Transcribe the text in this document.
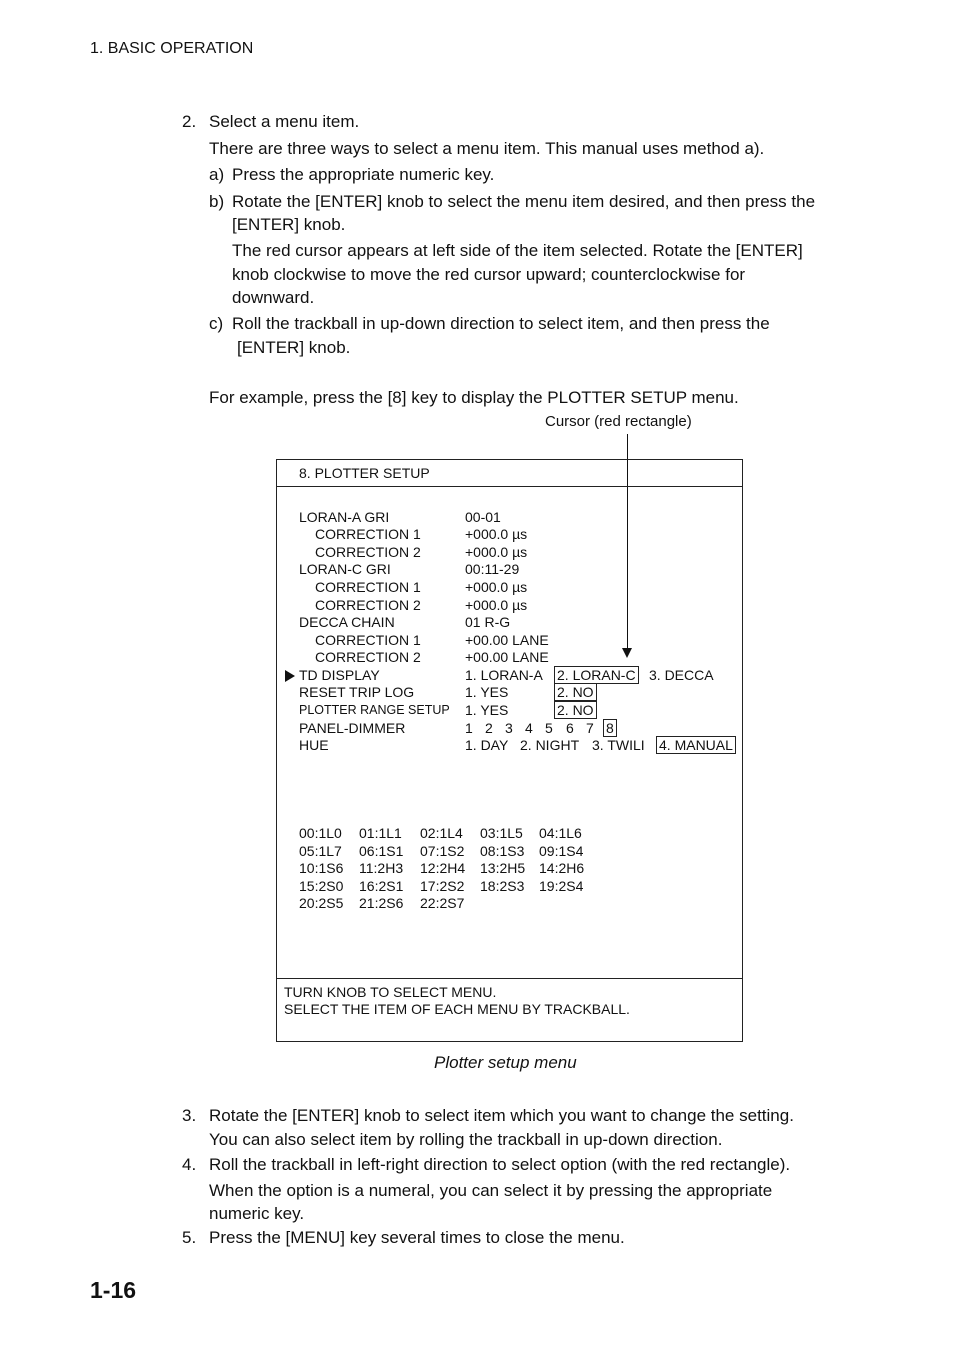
1. BASIC OPERATION
2. Select a menu item.
There are three ways to select a menu item. This manual uses method a).
a) Press the appropriate numeric key.
b) Rotate the [ENTER] knob to select the menu item desired, and then press the
[ENTER] knob.
The red cursor appears at left side of the item selected. Rotate the [ENTER]
knob clockwise to move the red cursor upward; counterclockwise for
downward.
c) Roll the trackball in up-down direction to select item, and then press the
[ENTER] knob.
For example, press the [8] key to display the PLOTTER SETUP menu.
Cursor (red rectangle)
8. PLOTTER SETUP
LORAN-A GRI	00-01
CORRECTION 1	+000.0 µs
CORRECTION 2	+000.0 µs
LORAN-C GRI	00:11-29
CORRECTION 1	+000.0 µs
CORRECTION 2	+000.0 µs
DECCA CHAIN	01 R-G
CORRECTION 1	+00.00 LANE
CORRECTION 2	+00.00 LANE
TD DISPLAY	1. LORAN-A 2. LORAN-C 3. DECCA
RESET TRIP LOG	1. YES	2. NO
PLOTTER RANGE SETUP 1. YES	2. NO
PANEL-DIMMER	1 2 3 4 5 6 7 8
HUE	1. DAY 2. NIGHT 3. TWILI 4. MANUAL
00:1L0 01:1L1 02:1L4 03:1L5 04:1L6
05:1L7 06:1S1 07:1S2 08:1S3 09:1S4
10:1S6 11:2H3 12:2H4 13:2H5 14:2H6
15:2S0 16:2S1 17:2S2 18:2S3 19:2S4
20:2S5 21:2S6 22:2S7
TURN KNOB TO SELECT MENU.
SELECT THE ITEM OF EACH MENU BY TRACKBALL.
Plotter setup menu
3. Rotate the [ENTER] knob to select item which you want to change the setting.
You can also select item by rolling the trackball in up-down direction.
4. Roll the trackball in left-right direction to select option (with the red rectangle).
When the option is a numeral, you can select it by pressing the appropriate
numeric key.
5. Press the [MENU] key several times to close the menu.
1-16
